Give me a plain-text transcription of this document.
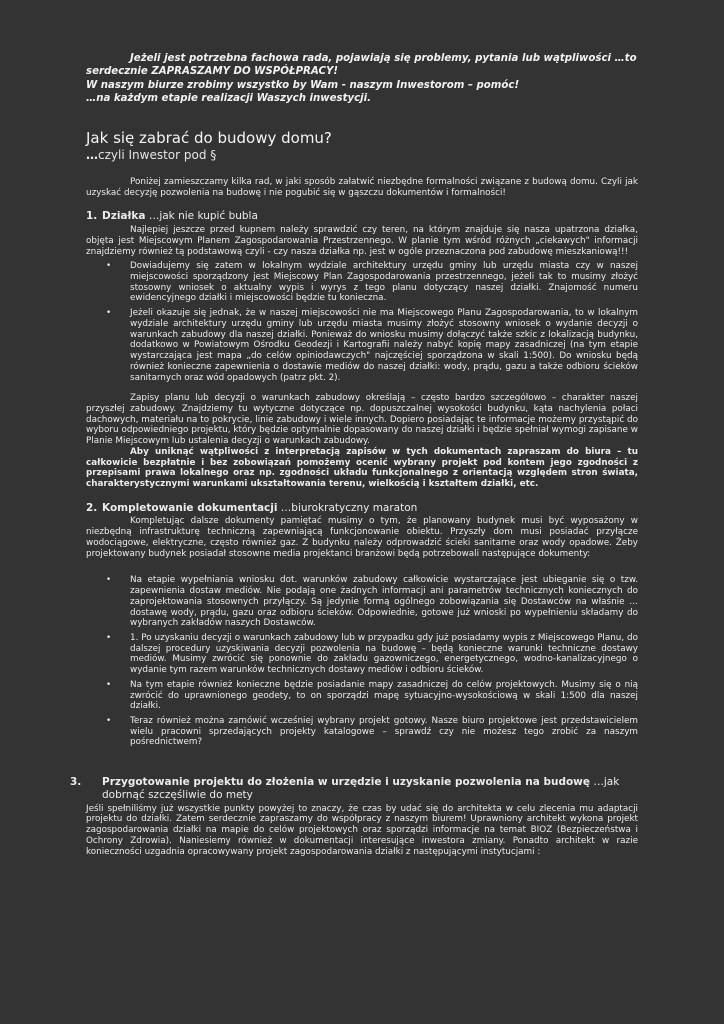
Jeżeli jest potrzebna fachowa rada, pojawiają się problemy, pytania lub wątpliwości …to
serdecznie ZAPRASZAMY DO WSPÓŁPRACY!
W naszym biurze zrobimy wszystko by Wam - naszym Inwestorom – pomóc!
…na każdym etapie realizacji Waszych inwestycji.
Jak się zabrać do budowy domu?
…czyli Inwestor pod §

Poniżej zamieszczamy kilka rad, w jaki sposób załatwić niezbędne formalności związane z budową domu. Czyli jak uzyskać decyzję pozwolenia na budowę i nie pogubić się w gąszczu dokumentów i formalności!

1. Działka …jak nie kupić bubla

Najlepiej jeszcze przed kupnem należy sprawdzić czy teren, na którym znajduje się nasza upatrzona działka, objęta jest Miejscowym Planem Zagospodarowania Przestrzennego. W planie tym wśród różnych „ciekawych" informacji znajdziemy również tą podstawową czyli - czy nasza działka np. jest w ogóle przeznaczona pod zabudowę mieszkaniową!!!

• Dowiadujemy się zatem w lokalnym wydziale architektury urzędu gminy lub urzędu miasta czy w naszej miejscowości sporządzony jest Miejscowy Plan Zagospodarowania przestrzennego, jeżeli tak to musimy złożyć stosowny wniosek o aktualny wypis i wyrys z tego planu dotyczący naszej działki. Znajomość numeru ewidencyjnego działki i miejscowości będzie tu konieczna.
• Jeżeli okazuje się jednak, że w naszej miejscowości nie ma Miejscowego Planu Zagospodarowania, to w lokalnym wydziale architektury urzędu gminy lub urzędu miasta musimy złożyć stosowny wniosek o wydanie decyzji o warunkach zabudowy dla naszej działki. Ponieważ do wniosku musimy dołączyć także szkic z lokalizacją budynku, dodatkowo w Powiatowym Ośrodku Geodezji i Kartografii należy nabyć kopię mapy zasadniczej (na tym etapie wystarczająca jest mapa „do celów opiniodawczych" najczęściej sporządzona w skali 1:500). Do wniosku będą również konieczne zapewnienia o dostawie mediów do naszej działki: wody, prądu, gazu a także odbioru ścieków sanitarnych oraz wód opadowych (patrz pkt. 2).

Zapisy planu lub decyzji o warunkach zabudowy określają – często bardzo szczegółowo – charakter naszej przyszłej zabudowy. Znajdziemy tu wytyczne dotyczące np. dopuszczalnej wysokości budynku, kąta nachylenia połaci dachowych, materiału na to pokrycie, linie zabudowy i wiele innych. Dopiero posiadając te informacje możemy przystąpić do wyboru odpowiedniego projektu, który będzie optymalnie dopasowany do naszej działki i będzie spełniał wymogi zapisane w Planie Miejscowym lub ustalenia decyzji o warunkach zabudowy.

Aby uniknąć wątpliwości z interpretacją zapisów w tych dokumentach zapraszam do biura – tu całkowicie bezpłatnie i bez zobowiązań pomożemy ocenić wybrany projekt pod kontem jego zgodności z przepisami prawa lokalnego oraz np. zgodności układu funkcjonalnego z orientacją względem stron świata, charakterystycznymi warunkami ukształtowania terenu, wielkością i kształtem działki, etc.

2. Kompletowanie dokumentacji …biurokratyczny maraton

Kompletując dalsze dokumenty pamiętać musimy o tym, że planowany budynek musi być wyposażony w niezbędną infrastrukturę techniczną zapewniającą funkcjonowanie obiektu. Przyszły dom musi posiadać przyłącze wodociągowe, elektryczne, często również gaz. Z budynku należy odprowadzić ścieki sanitarne oraz wody opadowe. Żeby projektowany budynek posiadał stosowne media projektanci branżowi będą potrzebowali następujące dokumenty:

• Na etapie wypełniania wniosku dot. warunków zabudowy całkowicie wystarczające jest ubieganie się o tzw. zapewnienia dostaw mediów. Nie podają one żadnych informacji ani parametrów technicznych koniecznych do zaprojektowania stosownych przyłączy. Są jedynie formą ogólnego zobowiązania się Dostawców na właśnie …dostawę wody, prądu, gazu oraz odbioru ścieków. Odpowiednie, gotowe już wnioski po wypełnieniu składamy do wybranych zakładów naszych Dostawców.
• 1. Po uzyskaniu decyzji o warunkach zabudowy lub w przypadku gdy już posiadamy wypis z Miejscowego Planu, do dalszej procedury uzyskiwania decyzji pozwolenia na budowę – będą konieczne warunki techniczne dostawy mediów. Musimy zwrócić się ponownie do zakładu gazowniczego, energetycznego, wodno-kanalizacyjnego o wydanie tym razem warunków technicznych dostawy mediów i odbioru ścieków.
• Na tym etapie również konieczne będzie posiadanie mapy zasadniczej do celów projektowych. Musimy się o nią zwrócić do uprawnionego geodety, to on sporządzi mapę sytuacyjno-wysokościową w skali 1:500 dla naszej działki.
• Teraz również można zamówić wcześniej wybrany projekt gotowy. Nasze biuro projektowe jest przedstawicielem wielu pracowni sprzedających projekty katalogowe – sprawdź czy nie możesz tego zrobić za naszym pośrednictwem?
3. Przygotowanie projektu do złożenia w urzędzie i uzyskanie pozwolenia na budowę …jak dobrnąć szczęśliwie do mety

Jeśli spełniliśmy już wszystkie punkty powyżej to znaczy, że czas by udać się do architekta w celu zlecenia mu adaptacji projektu do działki. Zatem serdecznie zapraszamy do współpracy z naszym biurem! Uprawniony architekt wykona projekt zagospodarowania działki na mapie do celów projektowych oraz sporządzi informacje na temat BIOZ (Bezpieczeństwa i Ochrony Zdrowia). Naniesiemy również w dokumentacji interesujące inwestora zmiany. Ponadto architekt w razie konieczności uzgadnia opracowywany projekt zagospodarowania działki z następującymi instytucjami :
